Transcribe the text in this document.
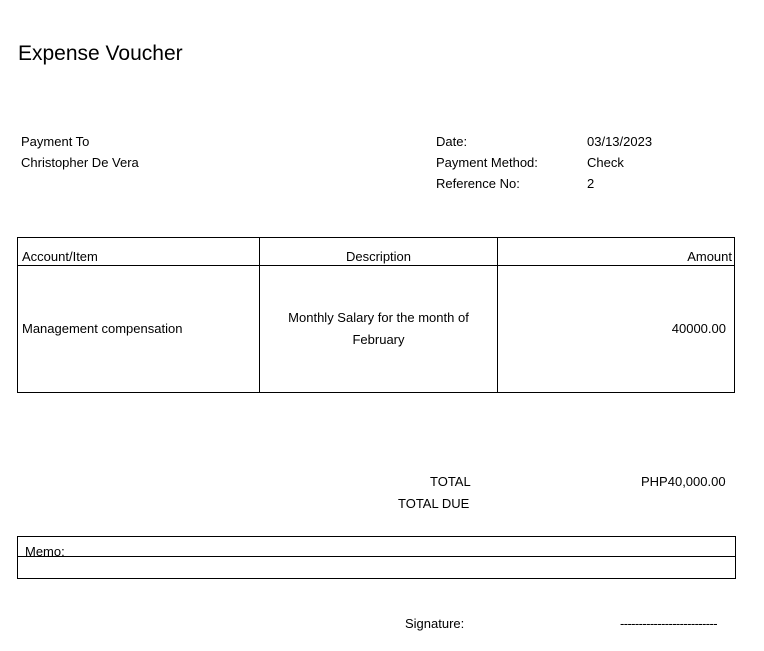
Expense Voucher
Payment To
Christopher De Vera
Date:	03/13/2023
Payment Method:	Check
Reference No:	2
Account/Item	Description	Amount
Management compensation	Monthly Salary for the month of February	40000.00
TOTAL	PHP40,000.00
TOTAL DUE
Memo:
Signature:	--------------------------
